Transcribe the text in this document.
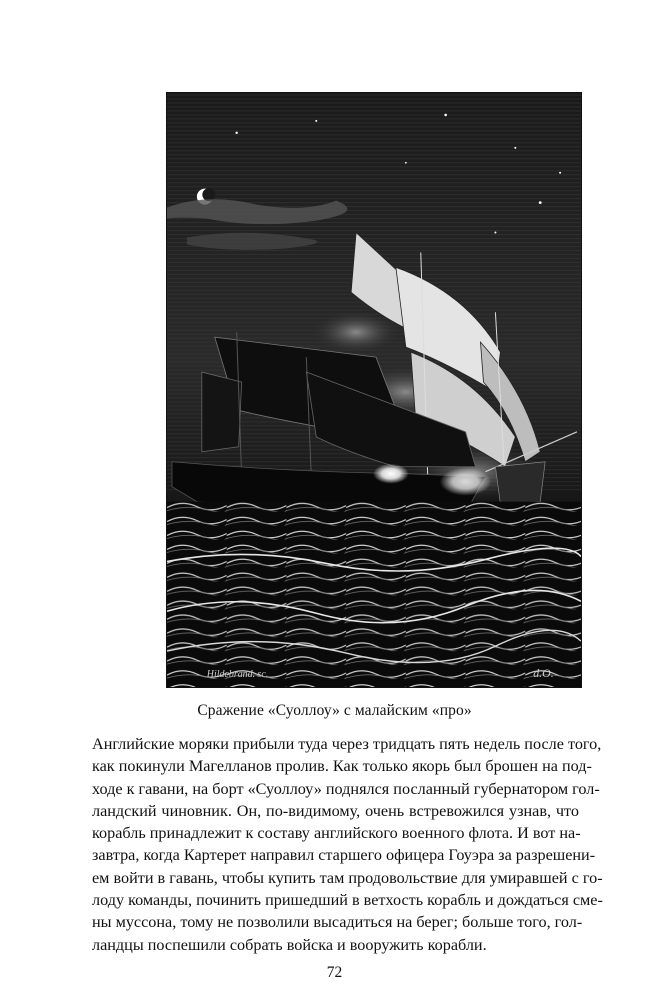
Hildebrand. sc.	d.O.
Сражение «Суоллоу» с малайским «про»

Английские моряки прибыли туда через тридцать пять недель после того,
как покинули Магелланов пролив. Как только якорь был брошен на под-
ходе к гавани, на борт «Суоллоу» поднялся посланный губернатором гол-
ландский чиновник. Он, по-видимому, очень встревожился узнав, что
корабль принадлежит к составу английского военного флота. И вот на-
завтра, когда Картерет направил старшего офицера Гоуэра за разрешени-
ем войти в гавань, чтобы купить там продовольствие для умиравшей с го-
лоду команды, починить пришедший в ветхость корабль и дождаться сме-
ны муссона, тому не позволили высадиться на берег; больше того, гол-
ландцы поспешили собрать войска и вооружить корабли.

72
